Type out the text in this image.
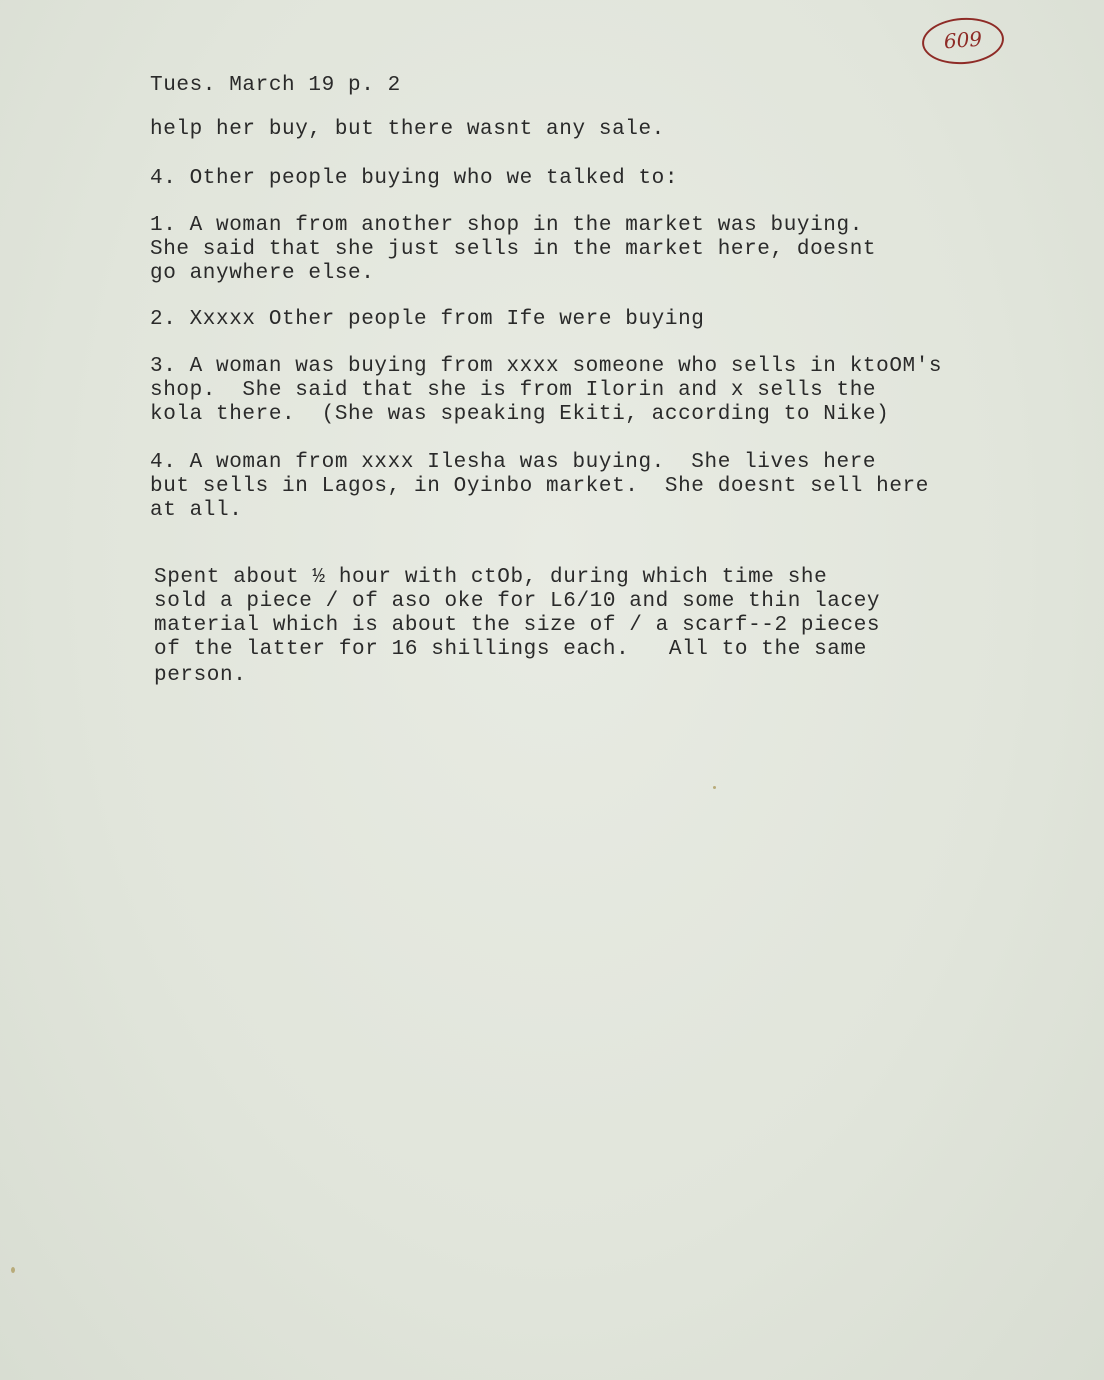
609
Tues. March 19 p. 2
help her buy, but there wasnt any sale.
4. Other people buying who we talked to:
1. A woman from another shop in the market was buying.
She said that she just sells in the market here, doesnt
go anywhere else.
2. Xxxxx Other people from Ife were buying
3. A woman was buying from xxxx someone who sells in ktoOM's
shop.  She said that she is from Ilorin and x sells the
kola there.  (She was speaking Ekiti, according to Nike)
4. A woman from xxxx Ilesha was buying.  She lives here
but sells in Lagos, in Oyinbo market.  She doesnt sell here
at all.
Spent about ½ hour with ctOb, during which time she
sold a piece / of aso oke for L6/10 and some thin lacey
material which is about the size of / a scarf--2 pieces
of the latter for 16 shillings each.   All to the same
person.
